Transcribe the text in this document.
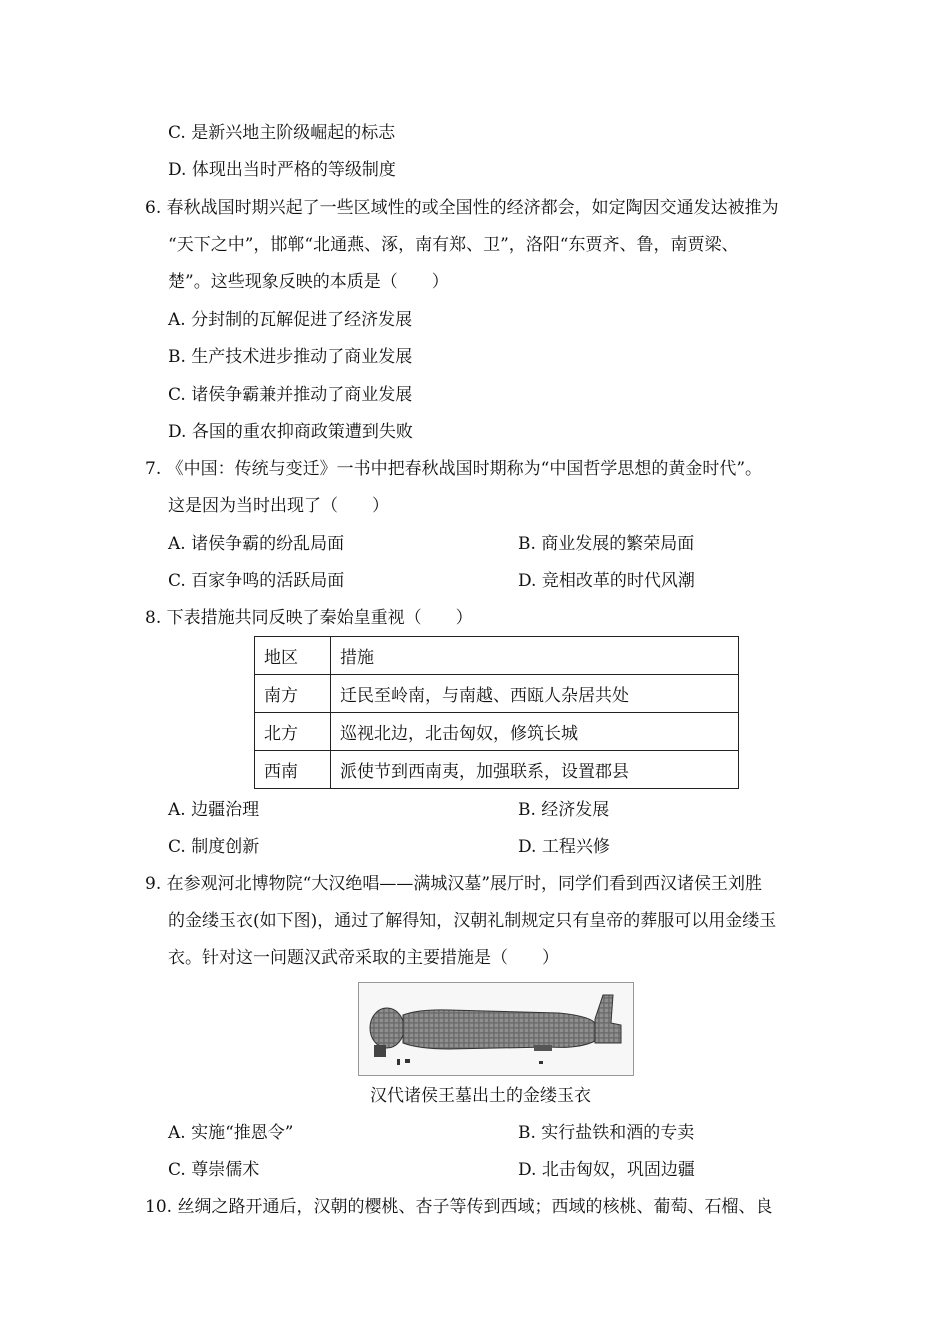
C. 是新兴地主阶级崛起的标志
D. 体现出当时严格的等级制度
6. 春秋战国时期兴起了一些区域性的或全国性的经济都会，如定陶因交通发达被推为
“天下之中”，邯郸“北通燕、涿，南有郑、卫”，洛阳“东贾齐、鲁，南贾梁、
楚”。这些现象反映的本质是（　　）
A. 分封制的瓦解促进了经济发展
B. 生产技术进步推动了商业发展
C. 诸侯争霸兼并推动了商业发展
D. 各国的重农抑商政策遭到失败
7. 《中国：传统与变迁》一书中把春秋战国时期称为“中国哲学思想的黄金时代”。
这是因为当时出现了（　　）
A. 诸侯争霸的纷乱局面	B. 商业发展的繁荣局面
C. 百家争鸣的活跃局面	D. 竞相改革的时代风潮
8. 下表措施共同反映了秦始皇重视（　　）
地区	措施
南方	迁民至岭南，与南越、西瓯人杂居共处
北方	巡视北边，北击匈奴，修筑长城
西南	派使节到西南夷，加强联系，设置郡县
A. 边疆治理	B. 经济发展
C. 制度创新	D. 工程兴修
9. 在参观河北博物院“大汉绝唱——满城汉墓”展厅时，同学们看到西汉诸侯王刘胜
的金缕玉衣(如下图)，通过了解得知，汉朝礼制规定只有皇帝的葬服可以用金缕玉
衣。针对这一问题汉武帝采取的主要措施是（　　）
汉代诸侯王墓出土的金缕玉衣
A. 实施“推恩令”	B. 实行盐铁和酒的专卖
C. 尊崇儒术	D. 北击匈奴，巩固边疆
10. 丝绸之路开通后，汉朝的樱桃、杏子等传到西域；西域的核桃、葡萄、石榴、良
